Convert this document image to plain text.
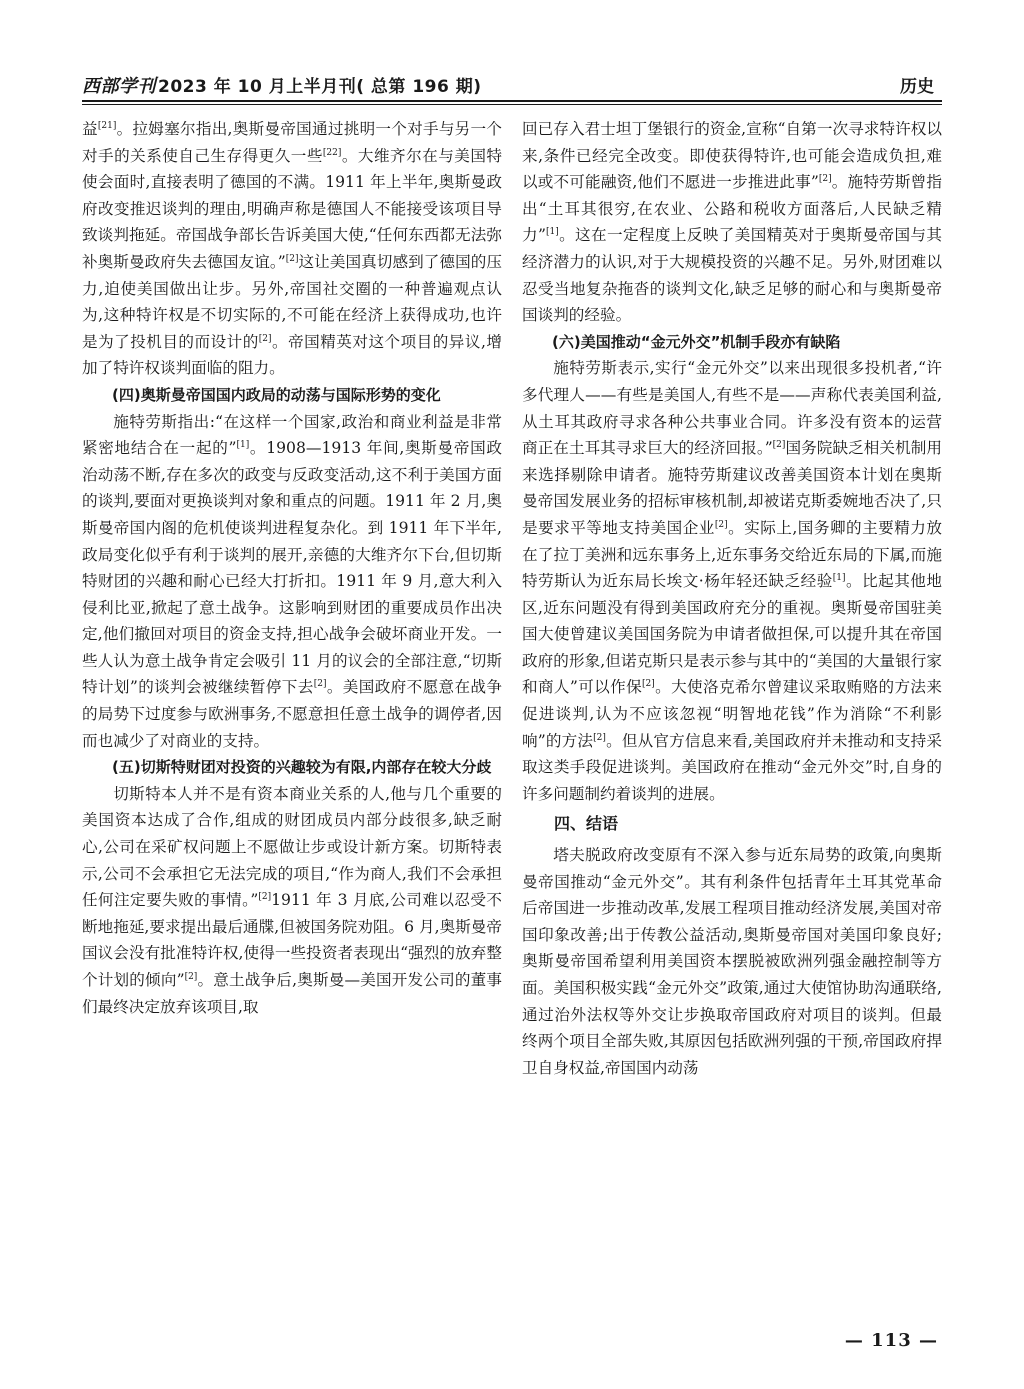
西部学刊 2023 年 10 月上半月刊( 总第 196 期)	历史

益[21]。拉姆塞尔指出,奥斯曼帝国通过挑明一个对手与另一个对手的关系使自己生存得更久一些[22]。大维齐尔在与美国特使会面时,直接表明了德国的不满。1911 年上半年,奥斯曼政府改变推迟谈判的理由,明确声称是德国人不能接受该项目导致谈判拖延。帝国战争部长告诉美国大使,“任何东西都无法弥补奥斯曼政府失去德国友谊。”[2]这让美国真切感到了德国的压力,迫使美国做出让步。另外,帝国社交圈的一种普遍观点认为,这种特许权是不切实际的,不可能在经济上获得成功,也许是为了投机目的而设计的[2]。帝国精英对这个项目的异议,增加了特许权谈判面临的阻力。

(四)奥斯曼帝国国内政局的动荡与国际形势的变化

施特劳斯指出:“在这样一个国家,政治和商业利益是非常紧密地结合在一起的”[1]。1908—1913 年间,奥斯曼帝国政治动荡不断,存在多次的政变与反政变活动,这不利于美国方面的谈判,要面对更换谈判对象和重点的问题。1911 年 2 月,奥斯曼帝国内阁的危机使谈判进程复杂化。到 1911 年下半年,政局变化似乎有利于谈判的展开,亲德的大维齐尔下台,但切斯特财团的兴趣和耐心已经大打折扣。1911 年 9 月,意大利入侵利比亚,掀起了意土战争。这影响到财团的重要成员作出决定,他们撤回对项目的资金支持,担心战争会破坏商业开发。一些人认为意土战争肯定会吸引 11 月的议会的全部注意,“切斯特计划”的谈判会被继续暂停下去[2]。美国政府不愿意在战争的局势下过度参与欧洲事务,不愿意担任意土战争的调停者,因而也减少了对商业的支持。

(五)切斯特财团对投资的兴趣较为有限,内部存在较大分歧

切斯特本人并不是有资本商业关系的人,他与几个重要的美国资本达成了合作,组成的财团成员内部分歧很多,缺乏耐心,公司在采矿权问题上不愿做让步或设计新方案。切斯特表示,公司不会承担它无法完成的项目,“作为商人,我们不会承担任何注定要失败的事情。”[2]1911 年 3 月底,公司难以忍受不断地拖延,要求提出最后通牒,但被国务院劝阻。6 月,奥斯曼帝国议会没有批准特许权,使得一些投资者表现出“强烈的放弃整个计划的倾向”[2]。意土战争后,奥斯曼—美国开发公司的董事们最终决定放弃该项目,取

回已存入君士坦丁堡银行的资金,宣称“自第一次寻求特许权以来,条件已经完全改变。即使获得特许,也可能会造成负担,难以或不可能融资,他们不愿进一步推进此事”[2]。施特劳斯曾指出“土耳其很穷,在农业、公路和税收方面落后,人民缺乏精力”[1]。这在一定程度上反映了美国精英对于奥斯曼帝国与其经济潜力的认识,对于大规模投资的兴趣不足。另外,财团难以忍受当地复杂拖沓的谈判文化,缺乏足够的耐心和与奥斯曼帝国谈判的经验。

(六)美国推动“金元外交”机制手段亦有缺陷

施特劳斯表示,实行“金元外交”以来出现很多投机者,“许多代理人——有些是美国人,有些不是——声称代表美国利益,从土耳其政府寻求各种公共事业合同。许多没有资本的运营商正在土耳其寻求巨大的经济回报。”[2]国务院缺乏相关机制用来选择剔除申请者。施特劳斯建议改善美国资本计划在奥斯曼帝国发展业务的招标审核机制,却被诺克斯委婉地否决了,只是要求平等地支持美国企业[2]。实际上,国务卿的主要精力放在了拉丁美洲和远东事务上,近东事务交给近东局的下属,而施特劳斯认为近东局长埃文·杨年轻还缺乏经验[1]。比起其他地区,近东问题没有得到美国政府充分的重视。奥斯曼帝国驻美国大使曾建议美国国务院为申请者做担保,可以提升其在帝国政府的形象,但诺克斯只是表示参与其中的“美国的大量银行家和商人”可以作保[2]。大使洛克希尔曾建议采取贿赂的方法来促进谈判,认为不应该忽视“明智地花钱”作为消除“不利影响”的方法[2]。但从官方信息来看,美国政府并未推动和支持采取这类手段促进谈判。美国政府在推动“金元外交”时,自身的许多问题制约着谈判的进展。

四、结语

塔夫脱政府改变原有不深入参与近东局势的政策,向奥斯曼帝国推动“金元外交”。其有利条件包括青年土耳其党革命后帝国进一步推动改革,发展工程项目推动经济发展,美国对帝国印象改善;出于传教公益活动,奥斯曼帝国对美国印象良好;奥斯曼帝国希望利用美国资本摆脱被欧洲列强金融控制等方面。美国积极实践“金元外交”政策,通过大使馆协助沟通联络,通过治外法权等外交让步换取帝国政府对项目的谈判。但最终两个项目全部失败,其原因包括欧洲列强的干预,帝国政府捍卫自身权益,帝国国内动荡

— 113 —
